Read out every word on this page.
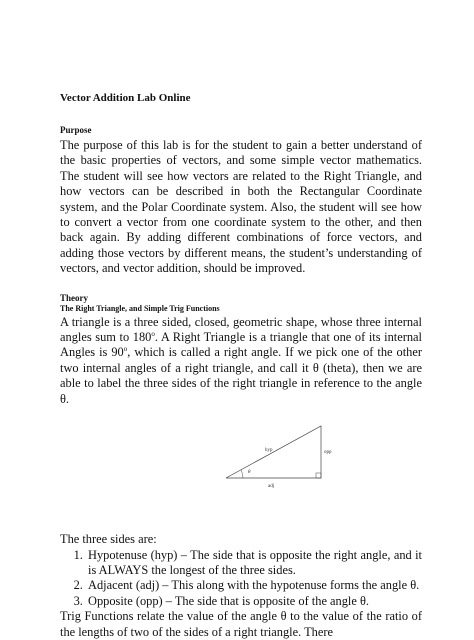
Vector Addition Lab Online

Purpose

The purpose of this lab is for the student to gain a better understand of the basic properties of vectors, and some simple vector mathematics. The student will see how vectors are related to the Right Triangle, and how vectors can be described in both the Rectangular Coordinate system, and the Polar Coordinate system. Also, the student will see how to convert a vector from one coordinate system to the other, and then back again. By adding different combinations of force vectors, and adding those vectors by different means, the student’s understanding of vectors, and vector addition, should be improved.

Theory

The Right Triangle, and Simple Trig Functions

A triangle is a three sided, closed, geometric shape, whose three internal angles sum to 180$^o$. A Right Triangle is a triangle that one of its internal Angles is 90$^o$, which is called a right angle. If we pick one of the other two internal angles of a right triangle, and call it θ (theta), then we are able to label the three sides of the right triangle in reference to the angle θ.

hyp	opp
adj
θ

The three sides are:

1. Hypotenuse (hyp) – The side that is opposite the right angle, and it is ALWAYS the longest of the three sides.
2. Adjacent (adj) – This along with the hypotenuse forms the angle θ.
3. Opposite (opp) – The side that is opposite of the angle θ.

Trig Functions relate the value of the angle θ to the value of the ratio of the lengths of two of the sides of a right triangle. There
